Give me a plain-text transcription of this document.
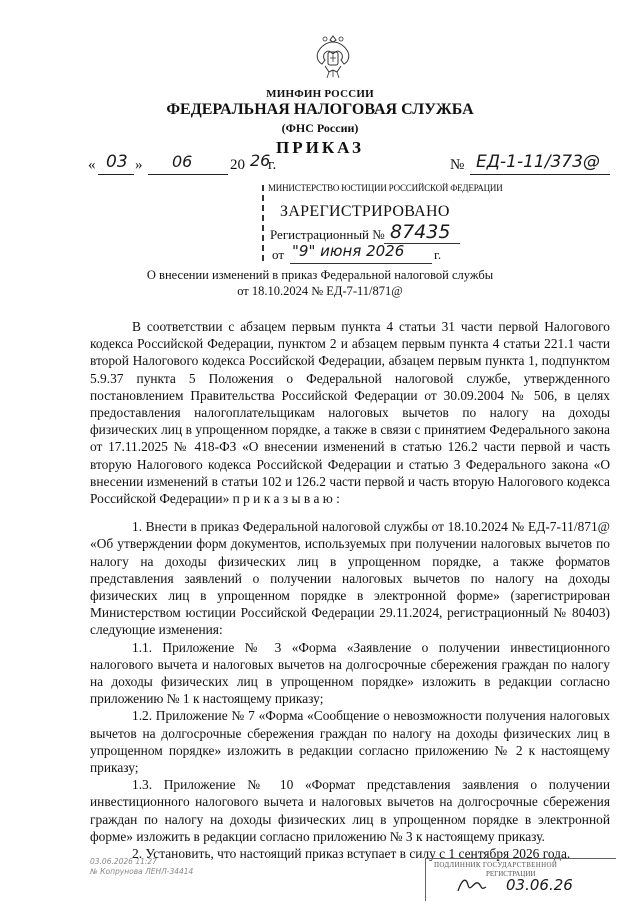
МИНФИН РОССИИ
ФЕДЕРАЛЬНАЯ НАЛОГОВАЯ СЛУЖБА
(ФНС России)
ПРИКАЗ
« 03 » 06	20 26
г.	№ ЕД-1-11/373@
МИНИСТЕРСТВО ЮСТИЦИИ РОССИЙСКОЙ ФЕДЕРАЦИИ
ЗАРЕГИСТРИРОВАНО
Регистрационный № 87435
от "9" июня 2026 г.
О внесении изменений в приказ Федеральной налоговой службы
от 18.10.2024 № ЕД-7-11/871@

В соответствии с абзацем первым пункта 4 статьи 31 части первой Налогового кодекса Российской Федерации, пунктом 2 и абзацем первым пункта 4 статьи 221.1 части второй Налогового кодекса Российской Федерации, абзацем первым пункта 1, подпунктом 5.9.37 пункта 5 Положения о Федеральной налоговой службе, утвержденного постановлением Правительства Российской Федерации от 30.09.2004 № 506, в целях предоставления налогоплательщикам налоговых вычетов по налогу на доходы физических лиц в упрощенном порядке, а также в связи с принятием Федерального закона от 17.11.2025 № 418-ФЗ «О внесении изменений в статью 126.2 части первой и часть вторую Налогового кодекса Российской Федерации и статью 3 Федерального закона «О внесении изменений в статьи 102 и 126.2 части первой и часть вторую Налогового кодекса Российской Федерации» п р и к а з ы в а ю :

1. Внести в приказ Федеральной налоговой службы от 18.10.2024 № ЕД-7-11/871@ «Об утверждении форм документов, используемых при получении налоговых вычетов по налогу на доходы физических лиц в упрощенном порядке, а также форматов представления заявлений о получении налоговых вычетов по налогу на доходы физических лиц в упрощенном порядке в электронной форме» (зарегистрирован Министерством юстиции Российской Федерации 29.11.2024, регистрационный № 80403) следующие изменения:

1.1. Приложение № 3 «Форма «Заявление о получении инвестиционного налогового вычета и налоговых вычетов на долгосрочные сбережения граждан по налогу на доходы физических лиц в упрощенном порядке» изложить в редакции согласно приложению № 1 к настоящему приказу;

1.2. Приложение № 7 «Форма «Сообщение о невозможности получения налоговых вычетов на долгосрочные сбережения граждан по налогу на доходы физических лиц в упрощенном порядке» изложить в редакции согласно приложению № 2 к настоящему приказу;

1.3. Приложение № 10 «Формат представления заявления о получении инвестиционного налогового вычета и налоговых вычетов на долгосрочные сбережения граждан по налогу на доходы физических лиц в упрощенном порядке в электронной форме» изложить в редакции согласно приложению № 3 к настоящему приказу.

2. Установить, что настоящий приказ вступает в силу с 1 сентября 2026 года.

03.06.2026 11:27
№ Копрунова ЛЕНЛ-34414
ПОДЛИННИК ГОСУДАРСТВЕННОЙ
РЕГИСТРАЦИИ
03.06.26
